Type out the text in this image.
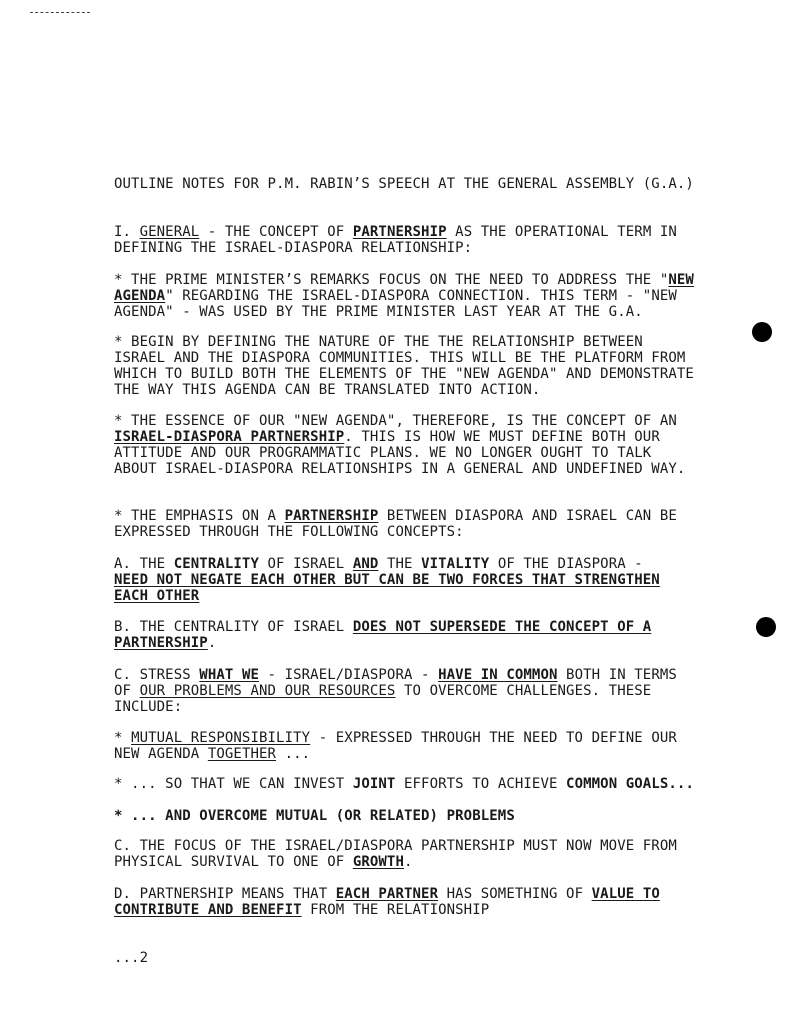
OUTLINE NOTES FOR P.M. RABIN’S SPEECH AT THE GENERAL ASSEMBLY (G.A.)
I. GENERAL - THE CONCEPT OF PARTNERSHIP AS THE OPERATIONAL TERM IN
DEFINING THE ISRAEL-DIASPORA RELATIONSHIP:
* THE PRIME MINISTER’S REMARKS FOCUS ON THE NEED TO ADDRESS THE "NEW
AGENDA" REGARDING THE ISRAEL-DIASPORA CONNECTION. THIS TERM - "NEW
AGENDA" - WAS USED BY THE PRIME MINISTER LAST YEAR AT THE G.A.
* BEGIN BY DEFINING THE NATURE OF THE THE RELATIONSHIP BETWEEN
ISRAEL AND THE DIASPORA COMMUNITIES. THIS WILL BE THE PLATFORM FROM
WHICH TO BUILD BOTH THE ELEMENTS OF THE "NEW AGENDA" AND DEMONSTRATE
THE WAY THIS AGENDA CAN BE TRANSLATED INTO ACTION.
* THE ESSENCE OF OUR "NEW AGENDA", THEREFORE, IS THE CONCEPT OF AN
ISRAEL-DIASPORA PARTNERSHIP. THIS IS HOW WE MUST DEFINE BOTH OUR
ATTITUDE AND OUR PROGRAMMATIC PLANS. WE NO LONGER OUGHT TO TALK
ABOUT ISRAEL-DIASPORA RELATIONSHIPS IN A GENERAL AND UNDEFINED WAY.
* THE EMPHASIS ON A PARTNERSHIP BETWEEN DIASPORA AND ISRAEL CAN BE
EXPRESSED THROUGH THE FOLLOWING CONCEPTS:
A. THE CENTRALITY OF ISRAEL AND THE VITALITY OF THE DIASPORA -
NEED NOT NEGATE EACH OTHER BUT CAN BE TWO FORCES THAT STRENGTHEN
EACH OTHER
B. THE CENTRALITY OF ISRAEL DOES NOT SUPERSEDE THE CONCEPT OF A
PARTNERSHIP.
C. STRESS WHAT WE - ISRAEL/DIASPORA - HAVE IN COMMON BOTH IN TERMS
OF OUR PROBLEMS AND OUR RESOURCES TO OVERCOME CHALLENGES. THESE
INCLUDE:
* MUTUAL RESPONSIBILITY - EXPRESSED THROUGH THE NEED TO DEFINE OUR
NEW AGENDA TOGETHER ...
* ... SO THAT WE CAN INVEST JOINT EFFORTS TO ACHIEVE COMMON GOALS...
* ... AND OVERCOME MUTUAL (OR RELATED) PROBLEMS
C. THE FOCUS OF THE ISRAEL/DIASPORA PARTNERSHIP MUST NOW MOVE FROM
PHYSICAL SURVIVAL TO ONE OF GROWTH.
D. PARTNERSHIP MEANS THAT EACH PARTNER HAS SOMETHING OF VALUE TO
CONTRIBUTE AND BENEFIT FROM THE RELATIONSHIP
...2
